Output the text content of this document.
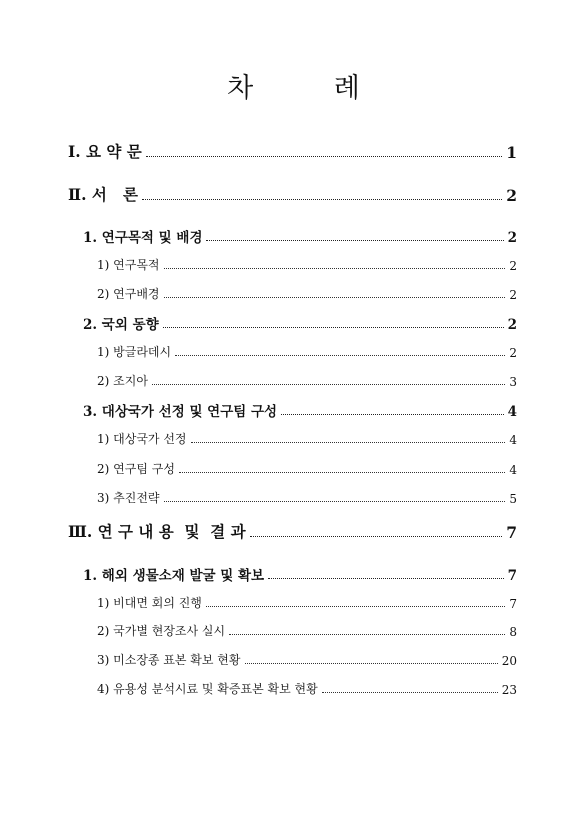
차 례
Ⅰ. 요 약 문	1
Ⅱ. 서   론	2
1. 연구목적 및 배경	2
1) 연구목적	2
2) 연구배경	2
2. 국외 동향	2
1) 방글라데시	2
2) 조지아	3
3. 대상국가 선정 및 연구팀 구성	4
1) 대상국가 선정	4
2) 연구팀 구성	4
3) 추진전략	5
Ⅲ. 연 구 내 용  및  결 과	7
1. 해외 생물소재 발굴 및 확보	7
1) 비대면 회의 진행	7
2) 국가별 현장조사 실시	8
3) 미소장종 표본 확보 현황	20
4) 유용성 분석시료 및 확증표본 확보 현황	23
